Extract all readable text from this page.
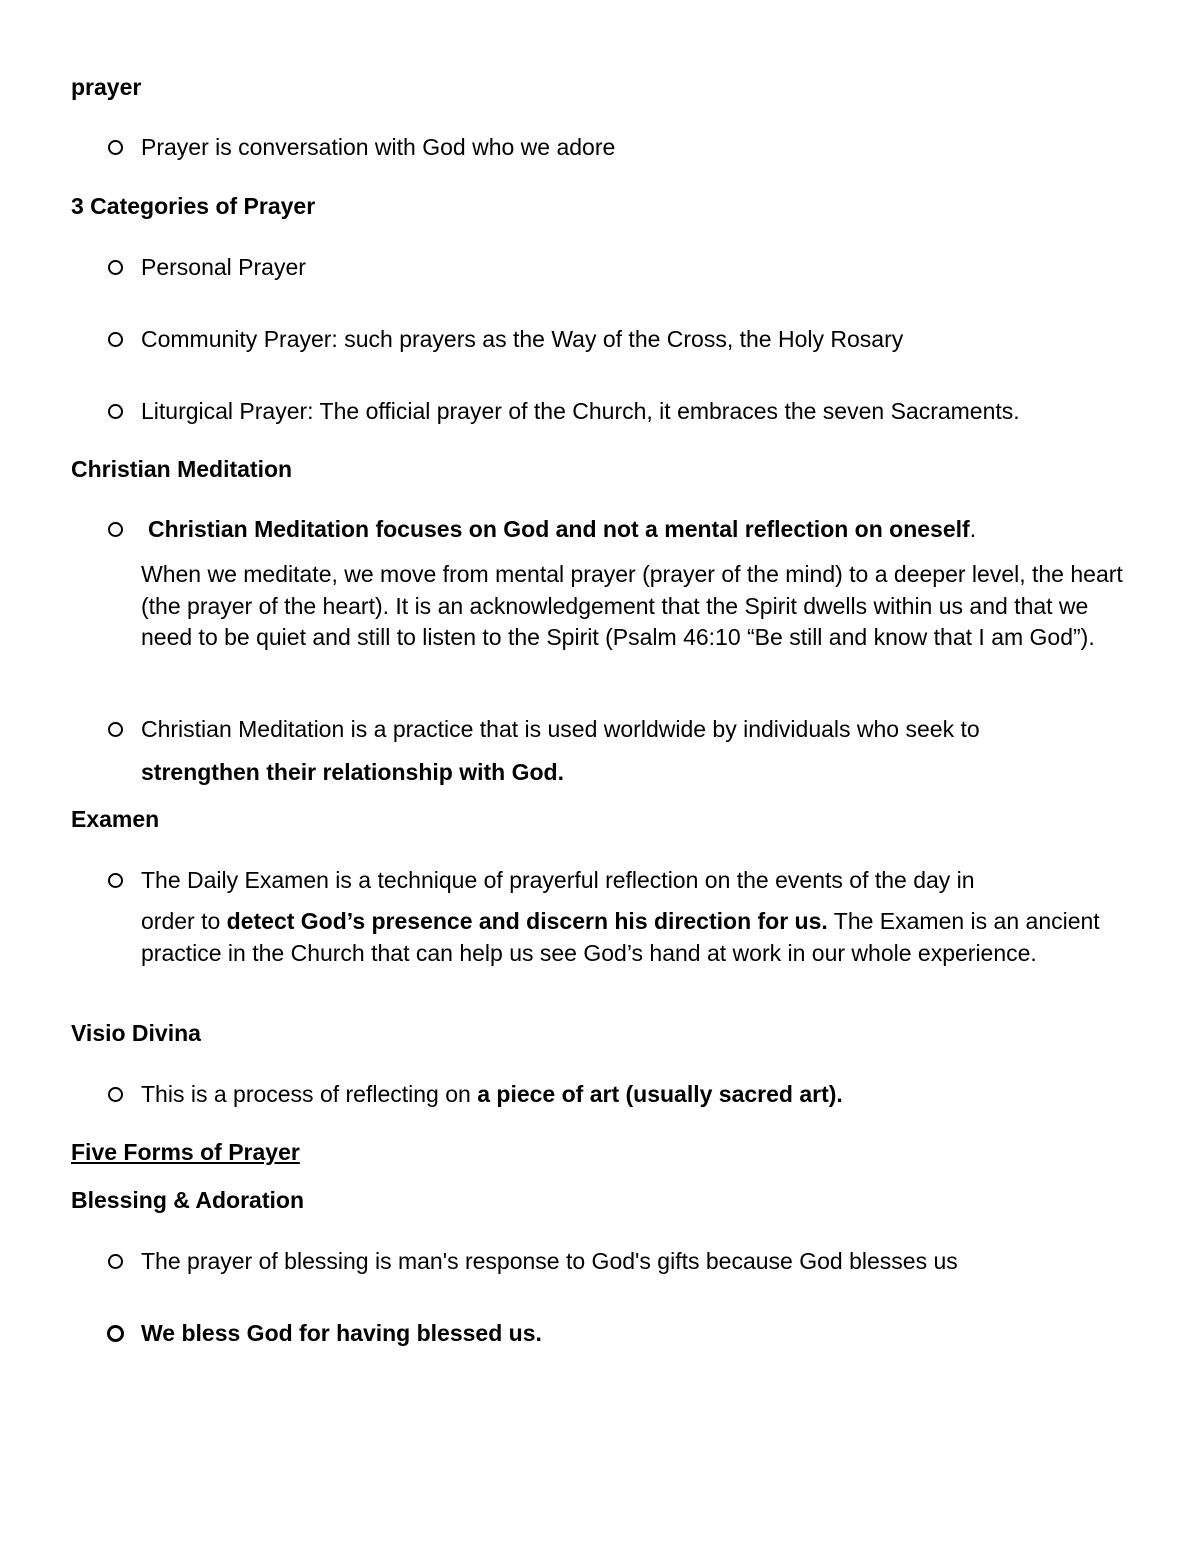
prayer
Prayer is conversation with God who we adore
3 Categories of Prayer
Personal Prayer
Community Prayer: such prayers as the Way of the Cross, the Holy Rosary
Liturgical Prayer: The official prayer of the Church, it embraces the seven Sacraments.
Christian Meditation
Christian Meditation focuses on God and not a mental reflection on oneself.
When we meditate, we move from mental prayer (prayer of the mind) to a deeper level, the heart (the prayer of the heart). It is an acknowledgement that the Spirit dwells within us and that we need to be quiet and still to listen to the Spirit (Psalm 46:10 “Be still and know that I am God”).
Christian Meditation is a practice that is used worldwide by individuals who seek to
strengthen their relationship with God.
Examen
The Daily Examen is a technique of prayerful reflection on the events of the day in
order to detect God’s presence and discern his direction for us. The Examen is an ancient practice in the Church that can help us see God’s hand at work in our whole experience.
Visio Divina
This is a process of reflecting on a piece of art (usually sacred art).
Five Forms of Prayer
Blessing & Adoration
The prayer of blessing is man's response to God's gifts because God blesses us
We bless God for having blessed us.
